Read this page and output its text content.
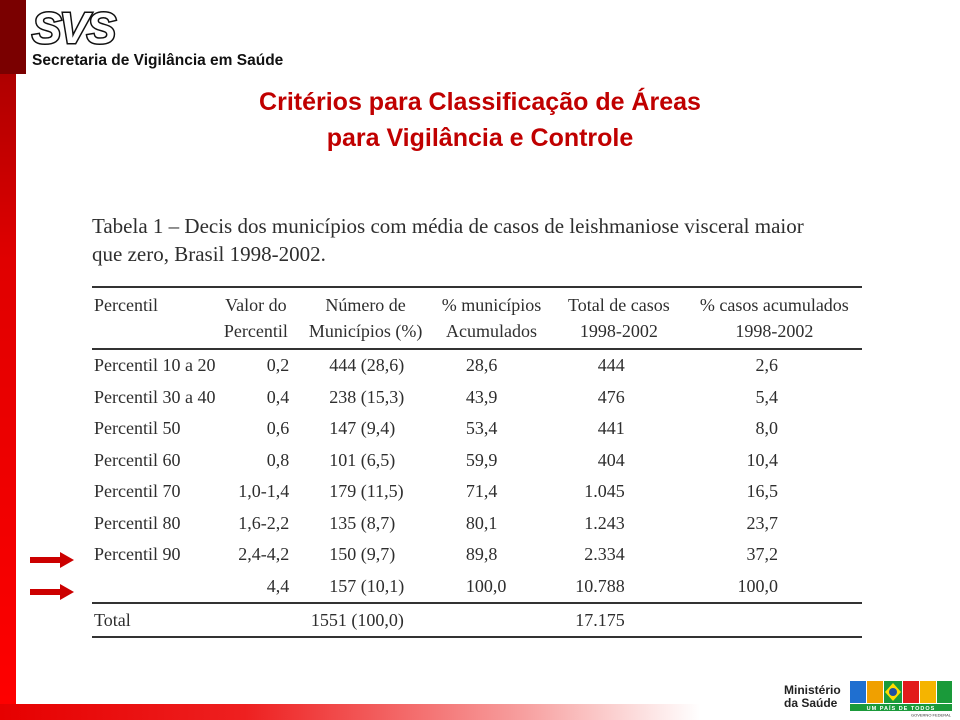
SVS
Secretaria de Vigilância em Saúde
Critérios para Classificação de Áreas
para Vigilância e Controle
Tabela 1 – Decis dos municípios com média de casos de leishmaniose visceral maior
que zero, Brasil 1998-2002.
Percentil	Valor do	Número de	% municípios	Total de casos	% casos acumulados
	Percentil	Municípios (%)	Acumulados	1998-2002	1998-2002
Percentil 10 a 20	0,2	444 (28,6)	28,6	444	2,6
Percentil 30 a 40	0,4	238 (15,3)	43,9	476	5,4
Percentil 50	0,6	147 (9,4)	53,4	441	8,0
Percentil 60	0,8	101 (6,5)	59,9	404	10,4
Percentil 70	1,0-1,4	179 (11,5)	71,4	1.045	16,5
Percentil 80	1,6-2,2	135 (8,7)	80,1	1.243	23,7
Percentil 90	2,4-4,2	150 (9,7)	89,8	2.334	37,2
	4,4	157 (10,1)	100,0	10.788	100,0
Total		1551 (100,0)		17.175	
Ministério
da Saúde	UM PAÍS DE TODOS
GOVERNO FEDERAL
